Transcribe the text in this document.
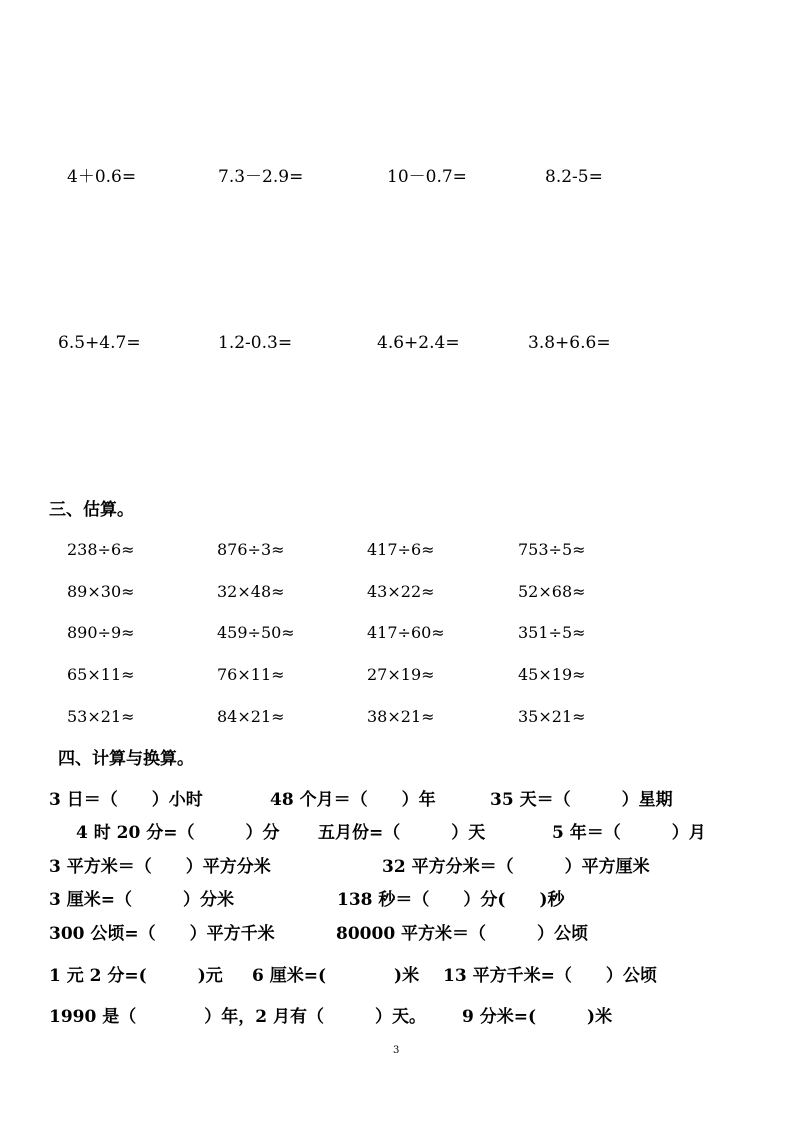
4＋0.6=	7.3－2.9=	10－0.7=	8.2-5=
6.5+4.7=	1.2-0.3=	4.6+2.4=	3.8+6.6=
三、估算。
238÷6≈	876÷3≈	417÷6≈	753÷5≈
89×30≈	32×48≈	43×22≈	52×68≈
890÷9≈	459÷50≈	417÷60≈	351÷5≈
65×11≈	76×11≈	27×19≈	45×19≈
53×21≈	84×21≈	38×21≈	35×21≈
四、计算与换算。
3 日＝（　　）小时	48 个月＝（　　）年	35 天＝（　　　）星期
4 时 20 分=（　　　）分 五月份=（　　　）天	5 年＝（　　　）月
3 平方米＝（　　）平方分米	32 平方分米＝（　　　）平方厘米
3 厘米=（　　　）分米	138 秒＝（　　）分(　　)秒
300 公顷=（　　）平方千米	80000 平方米＝（　　　）公顷
1 元 2 分=(　　　)元 6 厘米=(　　　　)米 13 平方千米=（　　）公顷
1990 是（　　　　）年，2 月有（　　　）天。 9 分米=(　　　)米
3
